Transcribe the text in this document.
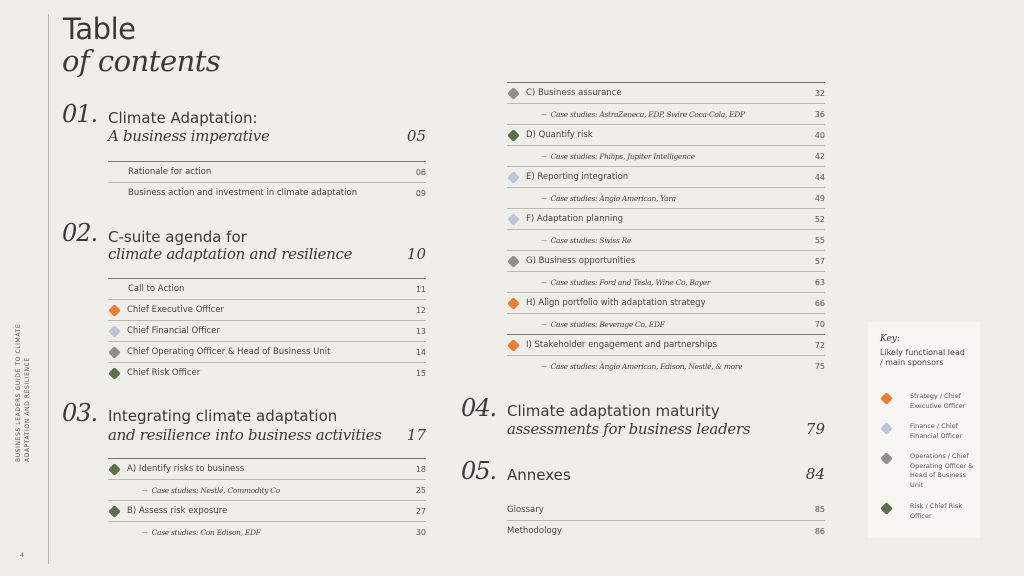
BUSINESS LEADERS GUIDE TO CLIMATE ADAPTATION AND RESILIENCE
4
Table
of contents
01. Climate Adaptation:
A business imperative	05
Rationale for action	06
Business action and investment in climate adaptation	09
02. C-suite agenda for
climate adaptation and resilience	10
Call to Action	11
Chief Executive Officer	12
Chief Financial Officer	13
Chief Operating Officer & Head of Business Unit	14
Chief Risk Officer	15
03. Integrating climate adaptation
and resilience into business activities	17
A) Identify risks to business	18
→ Case studies: Nestlé, Commodity Co	25
B) Assess risk exposure	27
→ Case studies: Con Edison, EDF	30
C) Business assurance	32
→ Case studies: AstraZeneca, EDP, Swire Coca-Cola, EDP	36
D) Quantify risk	40
→ Case studies: Philips, Jupiter Intelligence	42
E) Reporting integration	44
→ Case studies: Anglo American, Yara	49
F) Adaptation planning	52
→ Case studies: Swiss Re	55
G) Business opportunities	57
→ Case studies: Ford and Tesla, Wine Co, Bayer	63
H) Align portfolio with adaptation strategy	66
→ Case studies: Beverage Co, EDF	70
I) Stakeholder engagement and partnerships	72
→ Case studies: Anglo American, Edison, Nestlé, & more	75
04. Climate adaptation maturity
assessments for business leaders	79
05. Annexes	84
Glossary	85
Methodology	86
Key:
Likely functional lead / main sponsors
Strategy / Chief Executive Officer
Finance / Chief Financial Officer
Operations / Chief Operating Officer & Head of Business Unit
Risk / Chief Risk Officer
